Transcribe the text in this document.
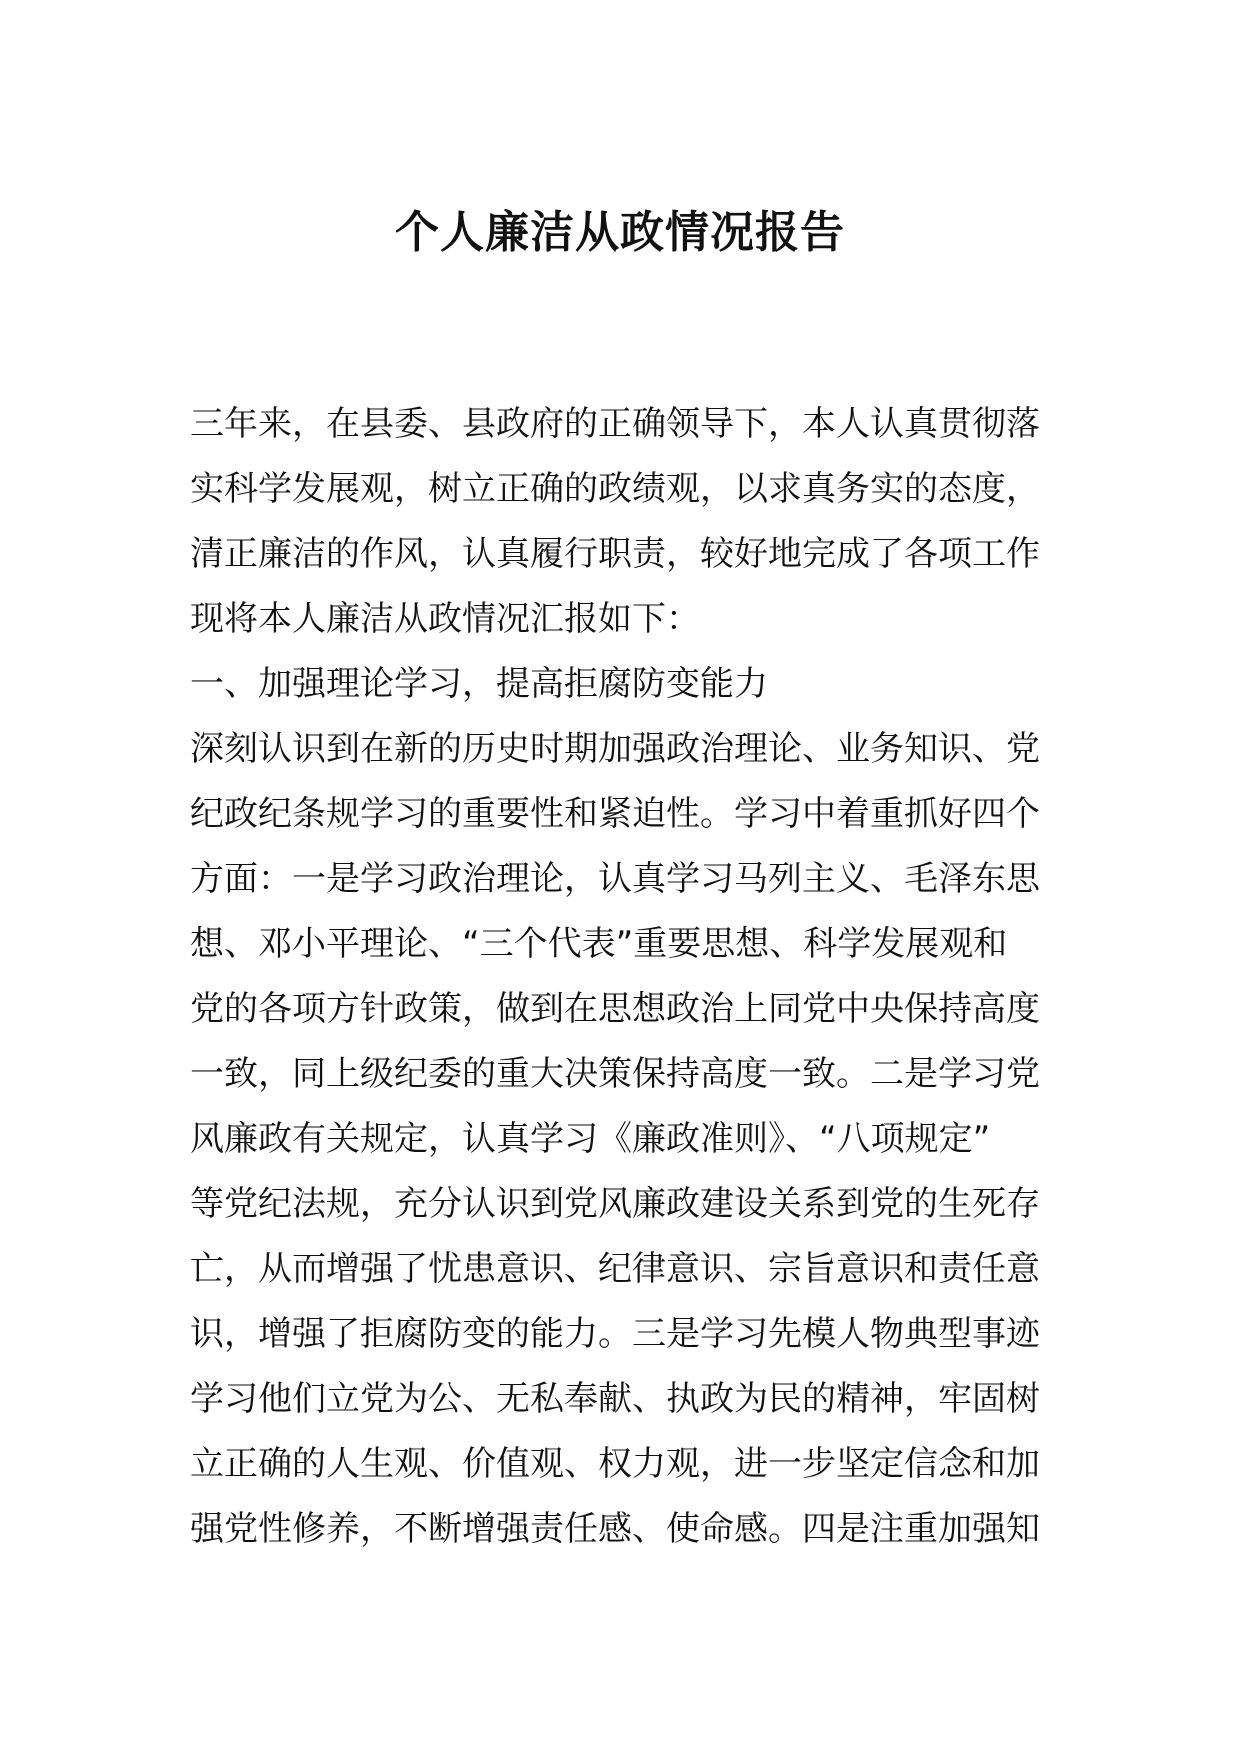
个人廉洁从政情况报告
三年来，在县委、县政府的正确领导下，本人认真贯彻落
实科学发展观，树立正确的政绩观，以求真务实的态度，
清正廉洁的作风，认真履行职责，较好地完成了各项工作
现将本人廉洁从政情况汇报如下：
一、加强理论学习，提高拒腐防变能力
深刻认识到在新的历史时期加强政治理论、业务知识、党
纪政纪条规学习的重要性和紧迫性。学习中着重抓好四个
方面：一是学习政治理论，认真学习马列主义、毛泽东思
想、邓小平理论、“三个代表”重要思想、科学发展观和
党的各项方针政策，做到在思想政治上同党中央保持高度
一致，同上级纪委的重大决策保持高度一致。二是学习党
风廉政有关规定，认真学习《廉政准则》、“八项规定”
等党纪法规，充分认识到党风廉政建设关系到党的生死存
亡，从而增强了忧患意识、纪律意识、宗旨意识和责任意
识，增强了拒腐防变的能力。三是学习先模人物典型事迹
学习他们立党为公、无私奉献、执政为民的精神，牢固树
立正确的人生观、价值观、权力观，进一步坚定信念和加
强党性修养，不断增强责任感、使命感。四是注重加强知
